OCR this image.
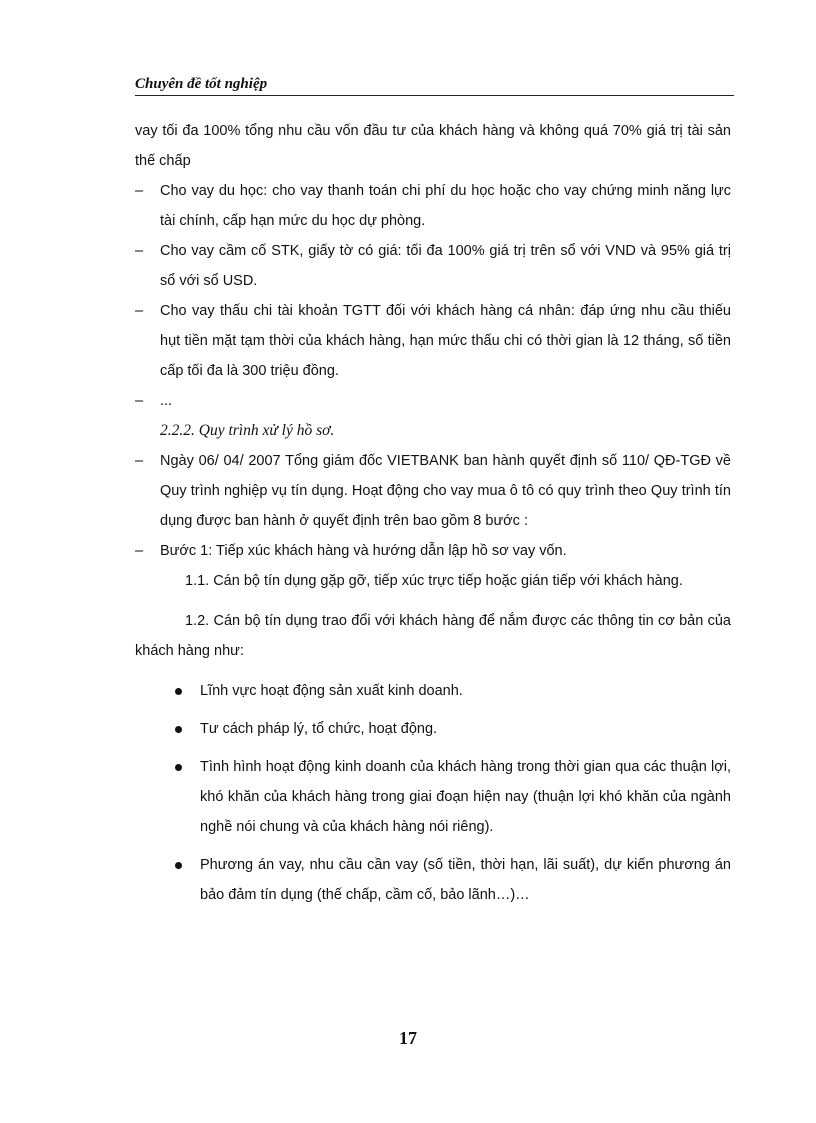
Chuyên đề tốt nghiệp

vay tối đa 100% tổng nhu cầu vốn đầu tư của khách hàng và không quá 70% giá trị tài sản thế chấp

– Cho vay du học: cho vay thanh toán chi phí du học hoặc cho vay chứng minh năng lực tài chính, cấp hạn mức du học dự phòng.

– Cho vay cầm cố STK, giấy tờ có giá: tối đa 100% giá trị trên sổ với VND và 95% giá trị sổ với sổ USD.

– Cho vay thấu chi tài khoản TGTT đối với khách hàng cá nhân: đáp ứng nhu cầu thiếu hụt tiền mặt tạm thời của khách hàng, hạn mức thấu chi có thời gian là 12 tháng, số tiền cấp tối đa là 300 triệu đồng.

– ...

2.2.2. Quy trình xử lý hồ sơ.

– Ngày 06/ 04/ 2007 Tổng giám đốc VIETBANK ban hành quyết định số 110/ QĐ-TGĐ về Quy trình nghiệp vụ tín dụng. Hoạt động cho vay mua ô tô có quy trình theo Quy trình tín dụng được ban hành ở quyết định trên bao gồm 8 bước :

– Bước 1: Tiếp xúc khách hàng và hướng dẫn lập hồ sơ vay vốn.

1.1. Cán bộ tín dụng gặp gỡ, tiếp xúc trực tiếp hoặc gián tiếp với khách hàng.

1.2. Cán bộ tín dụng trao đổi với khách hàng để nắm được các thông tin cơ bản của khách hàng như:

Lĩnh vực hoạt động sản xuất kinh doanh.
Tư cách pháp lý, tổ chức, hoạt động.
Tình hình hoạt động kinh doanh của khách hàng trong thời gian qua các thuận lợi, khó khăn của khách hàng trong giai đoạn hiện nay (thuận lợi khó khăn của ngành nghề nói chung và của khách hàng nói riêng).
Phương án vay, nhu cầu cần vay (số tiền, thời hạn, lãi suất), dự kiến phương án bảo đảm tín dụng (thế chấp, cầm cố, bảo lãnh…)…
17
